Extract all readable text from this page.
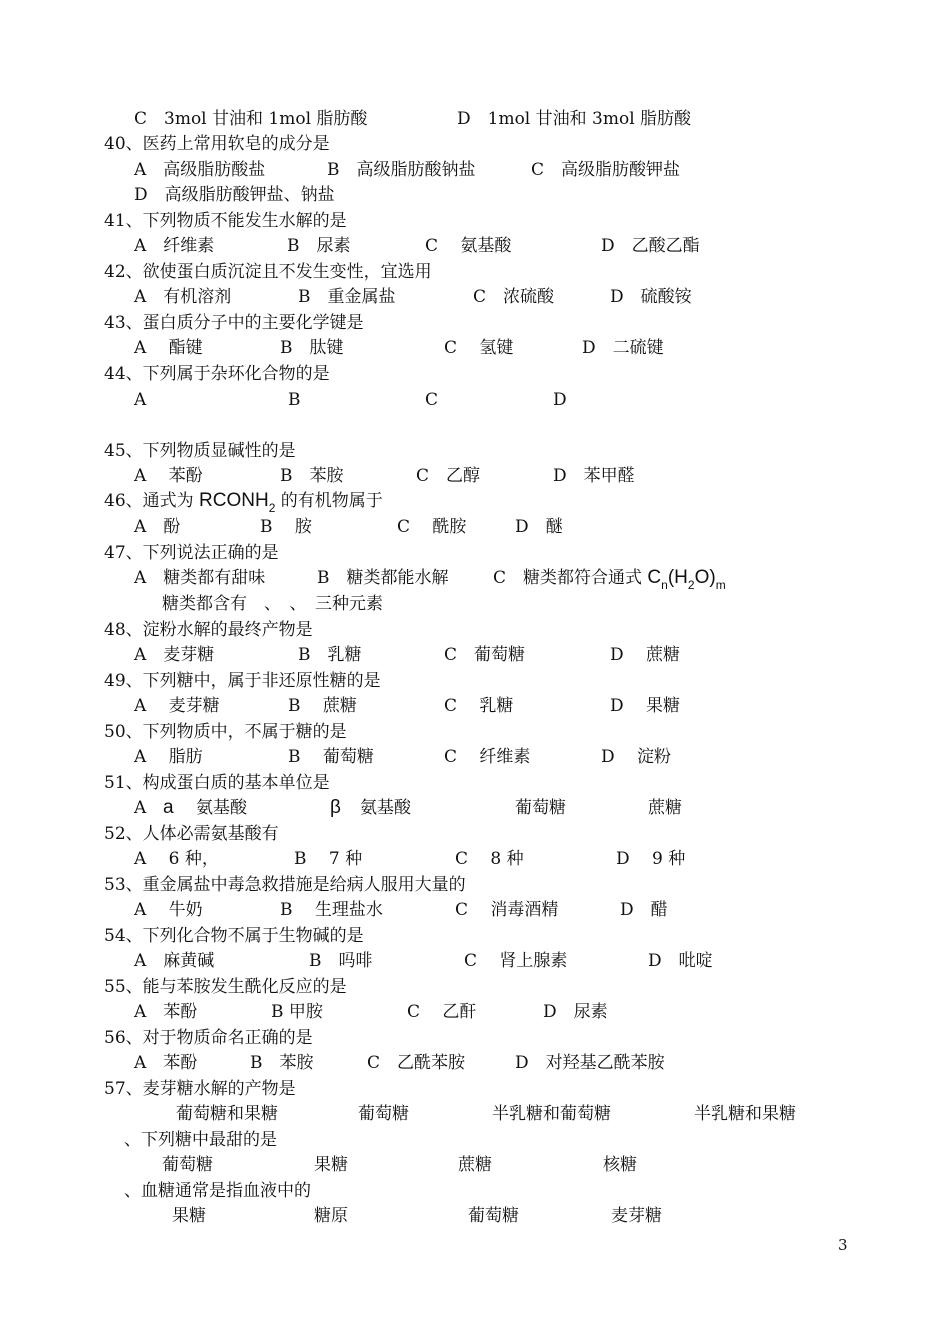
46、通式为 $RCONH_2$ 的有机物属于
47、下列说法正确的是
A　糖类都有甜味	B　糖类都能水解	C　糖类都符合通式 $C_n(H_2O)_m$
A a 氨基酸	β 氨基酸	葡萄糖	蔗糖
3
C　3mol 甘油和 1mol 脂肪酸	D　1mol 甘油和 3mol 脂肪酸
40、医药上常用软皂的成分是
A　高级脂肪酸盐	B　高级脂肪酸钠盐	C　高级脂肪酸钾盐
D　高级脂肪酸钾盐、钠盐
41、下列物质不能发生水解的是
A　纤维素	B　尿素	C　 氨基酸	D　乙酸乙酯
42、欲使蛋白质沉淀且不发生变性，宜选用
A　有机溶剂	B　重金属盐	C　浓硫酸	D　硫酸铵
43、蛋白质分子中的主要化学键是
A　 酯键	B　肽键	C　 氢键	D　二硫键
44、下列属于杂环化合物的是
A	B	C	D
45、下列物质显碱性的是
A　 苯酚	B　苯胺	C　乙醇	D　苯甲醛
A　酚	B　 胺	C　 酰胺	D　醚
糖类都含有　、　、　三种元素
48、淀粉水解的最终产物是
A　麦芽糖	B　乳糖	C　葡萄糖	D　 蔗糖
49、下列糖中，属于非还原性糖的是
A　 麦芽糖	B　 蔗糖	C　 乳糖	D　 果糖
50、下列物质中，不属于糖的是
A　 脂肪	B　 葡萄糖	C　 纤维素	D　 淀粉
51、构成蛋白质的基本单位是
52、人体必需氨基酸有
A　 6 种，	B　 7 种	C　 8 种	D　 9 种
53、重金属盐中毒急救措施是给病人服用大量的
A　 牛奶	B　 生理盐水	C　 消毒酒精	D　醋
54、下列化合物不属于生物碱的是
A　麻黄碱	B　吗啡	C　 肾上腺素	D　吡啶
55、能与苯胺发生酰化反应的是
A　苯酚	B 甲胺	C　 乙酐	D　尿素
56、对于物质命名正确的是
A　苯酚	B　苯胺	C　乙酰苯胺	D　对羟基乙酰苯胺
57、麦芽糖水解的产物是
葡萄糖和果糖	葡萄糖	半乳糖和葡萄糖	半乳糖和果糖
、下列糖中最甜的是
葡萄糖	果糖	蔗糖	核糖
、血糖通常是指血液中的
果糖	糖原	葡萄糖	麦芽糖
